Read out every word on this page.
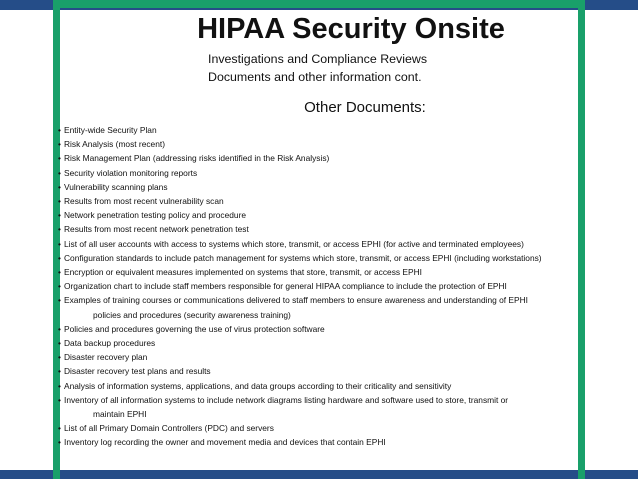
HIPAA Security Onsite
Investigations and Compliance Reviews
Documents and other information cont.
Other Documents:
• Entity-wide Security Plan
• Risk Analysis (most recent)
• Risk Management Plan (addressing risks identified in the Risk Analysis)
• Security violation monitoring reports
• Vulnerability scanning plans
• Results from most recent vulnerability scan
• Network penetration testing policy and procedure
• Results from most recent network penetration test
• List of all user accounts with access to systems which store, transmit, or access EPHI (for active and terminated employees)
• Configuration standards to include patch management for systems which store, transmit, or access EPHI (including workstations)
• Encryption or equivalent measures implemented on systems that store, transmit, or access EPHI
• Organization chart to include staff members responsible for general HIPAA compliance to include the protection of EPHI
• Examples of training courses or communications delivered to staff members to ensure awareness and understanding of EPHI
policies and procedures (security awareness training)
• Policies and procedures governing the use of virus protection software
• Data backup procedures
• Disaster recovery plan
• Disaster recovery test plans and results
• Analysis of information systems, applications, and data groups according to their criticality and sensitivity
• Inventory of all information systems to include network diagrams listing hardware and software used to store, transmit or
maintain EPHI
• List of all Primary Domain Controllers (PDC) and servers
• Inventory log recording the owner and movement media and devices that contain EPHI
